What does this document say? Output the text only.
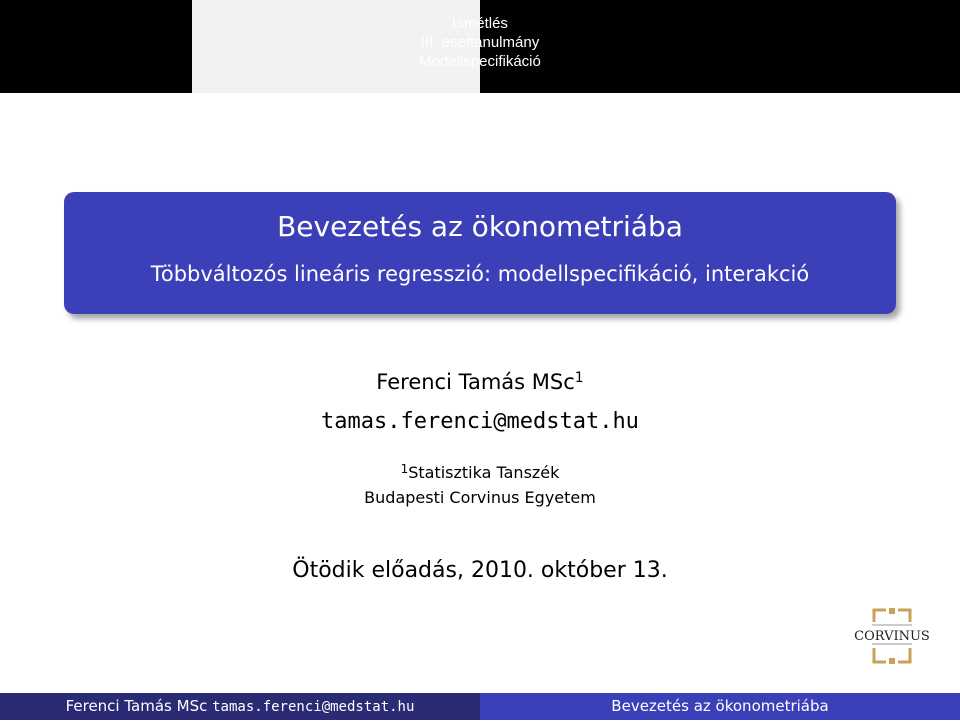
Ismétlés
III. esettanulmány
Modellspecifikáció
Bevezetés az ökonometriába
Többváltozós lineáris regresszió: modellspecifikáció, interakció
Ferenci Tamás MSc$^1$
tamas.ferenci@medstat.hu
$^1$Statisztika Tanszék
Budapesti Corvinus Egyetem
Ötödik előadás, 2010. október 13.
CORVINUS
Ferenci Tamás MSc tamas.ferenci@medstat.hu	Bevezetés az ökonometriába
